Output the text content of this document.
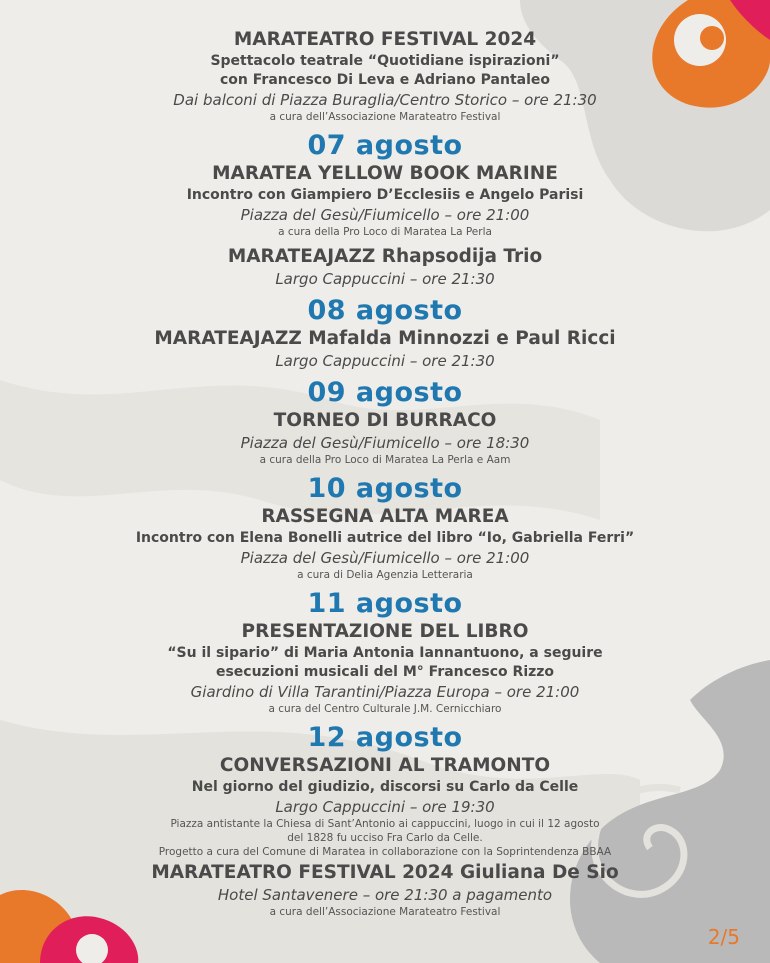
MARATEATRO FESTIVAL 2024
Spettacolo teatrale “Quotidiane ispirazioni”
con Francesco Di Leva e Adriano Pantaleo
Dai balconi di Piazza Buraglia/Centro Storico – ore 21:30
a cura dell’Associazione Marateatro Festival
07 agosto
MARATEA YELLOW BOOK MARINE
Incontro con Giampiero D’Ecclesiis e Angelo Parisi
Piazza del Gesù/Fiumicello – ore 21:00
a cura della Pro Loco di Maratea La Perla
MARATEAJAZZ Rhapsodija Trio
Largo Cappuccini – ore 21:30
08 agosto
MARATEAJAZZ Mafalda Minnozzi e Paul Ricci
Largo Cappuccini – ore 21:30
09 agosto
TORNEO DI BURRACO
Piazza del Gesù/Fiumicello – ore 18:30
a cura della Pro Loco di Maratea La Perla e Aam
10 agosto
RASSEGNA ALTA MAREA
Incontro con Elena Bonelli autrice del libro “Io, Gabriella Ferri”
Piazza del Gesù/Fiumicello – ore 21:00
a cura di Delia Agenzia Letteraria
11 agosto
PRESENTAZIONE DEL LIBRO
“Su il sipario” di Maria Antonia Iannantuono, a seguire
esecuzioni musicali del M° Francesco Rizzo
Giardino di Villa Tarantini/Piazza Europa – ore 21:00
a cura del Centro Culturale J.M. Cernicchiaro
12 agosto
CONVERSAZIONI AL TRAMONTO
Nel giorno del giudizio, discorsi su Carlo da Celle
Largo Cappuccini – ore 19:30
Piazza antistante la Chiesa di Sant’Antonio ai cappuccini, luogo in cui il 12 agosto
del 1828 fu ucciso Fra Carlo da Celle.
Progetto a cura del Comune di Maratea in collaborazione con la Soprintendenza BBAA
MARATEATRO FESTIVAL 2024 Giuliana De Sio
Hotel Santavenere – ore 21:30 a pagamento
a cura dell’Associazione Marateatro Festival
2/5
